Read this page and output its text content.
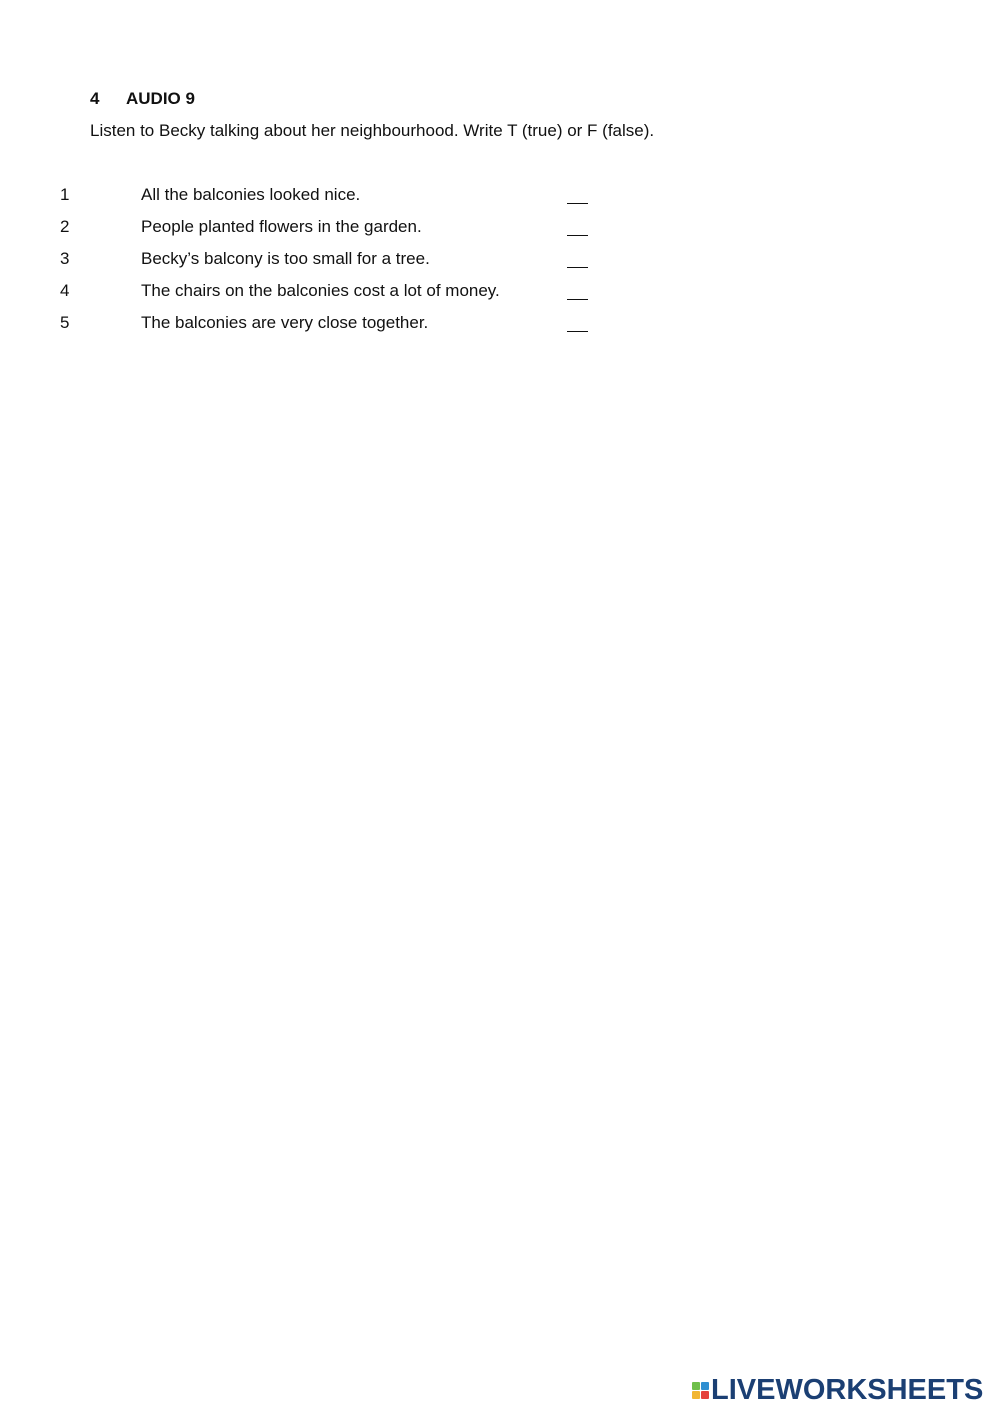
4 AUDIO 9
Listen to Becky talking about her neighbourhood. Write T (true) or F (false).
1	All the balconies looked nice.
2	People planted flowers in the garden.
3	Becky’s balcony is too small for a tree.
4	The chairs on the balconies cost a lot of money.
5	The balconies are very close together.
LIVEWORKSHEETS
